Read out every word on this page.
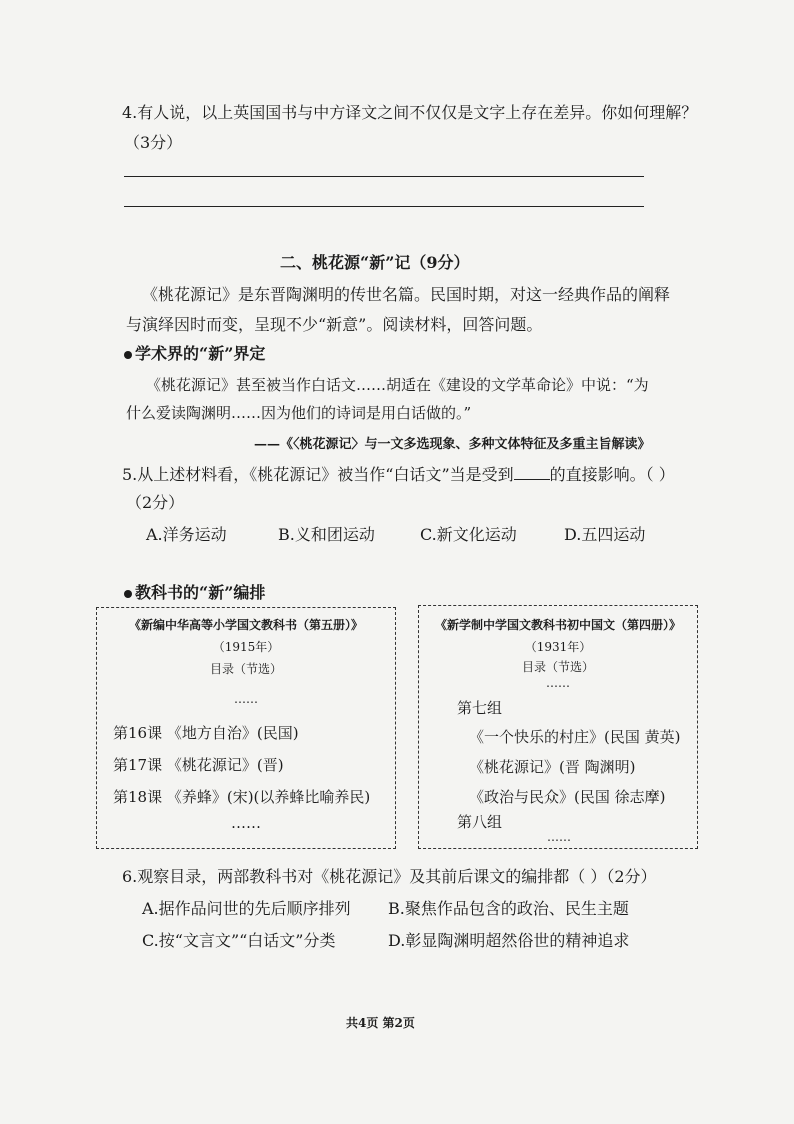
4.有人说，以上英国国书与中方译文之间不仅仅是文字上存在差异。你如何理解？
（3分）
二、桃花源“新”记（9分）
《桃花源记》是东晋陶渊明的传世名篇。民国时期，对这一经典作品的阐释
与演绎因时而变，呈现不少“新意”。阅读材料，回答问题。
学术界的“新”界定
《桃花源记》甚至被当作白话文……胡适在《建设的文学革命论》中说：“为
什么爱读陶渊明……因为他们的诗词是用白话做的。”
——《〈桃花源记〉与一文多选现象、多种文体特征及多重主旨解读》
5.从上述材料看，《桃花源记》被当作“白话文”当是受到 的直接影响。（ ）
（2分）
A.洋务运动	B.义和团运动	C.新文化运动	D.五四运动
教科书的“新”编排
《新编中华高等小学国文教科书（第五册）》
（1915年）
目录（节选）
……
第16课 《地方自治》(民国)
第17课 《桃花源记》(晋)
第18课 《养蜂》(宋)(以养蜂比喻养民)
……
《新学制中学国文教科书初中国文（第四册）》
（1931年）
目录（节选）
……
第七组
《一个快乐的村庄》(民国 黄英)
《桃花源记》(晋 陶渊明)
《政治与民众》(民国 徐志摩)
第八组
……
6.观察目录，两部教科书对《桃花源记》及其前后课文的编排都（ ）（2分）
A.据作品问世的先后顺序排列 B.聚焦作品包含的政治、民生主题
C.按“文言文”“白话文”分类	D.彰显陶渊明超然俗世的精神追求
共4页 第2页
